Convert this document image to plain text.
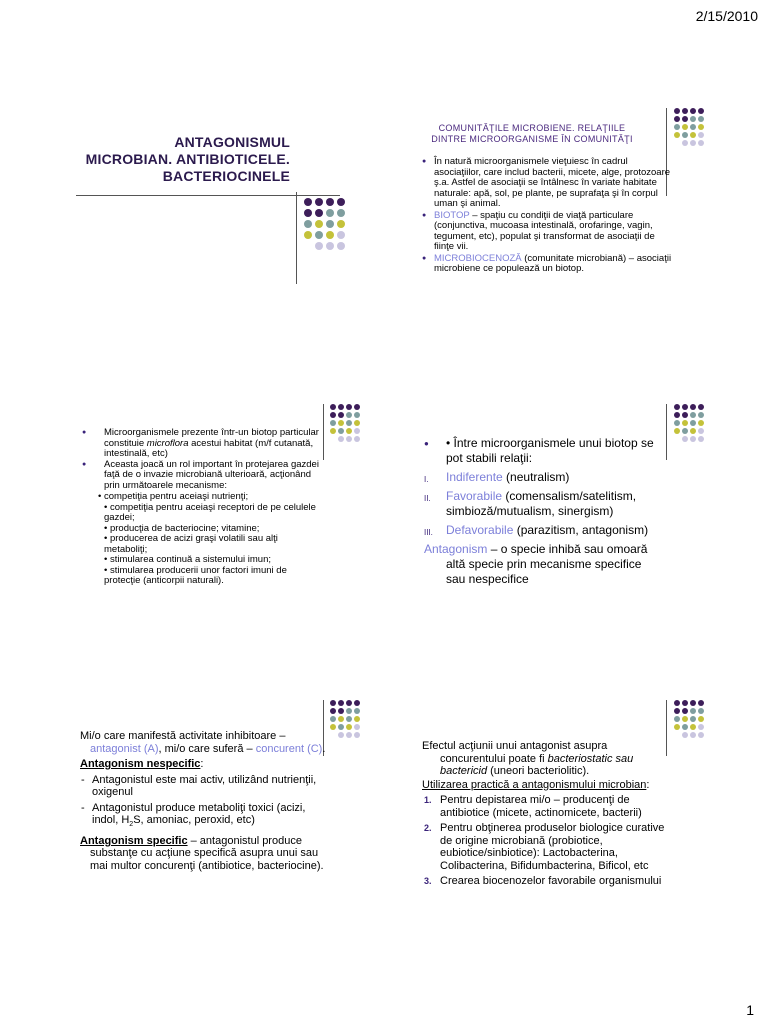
2/15/2010
1
ANTAGONISMUL
MICROBIAN. ANTIBIOTICELE.
BACTERIOCINELE
COMUNITĂŢILE MICROBIENE. RELAŢIILE
DINTRE MICROORGANISME ÎN COMUNITĂŢI
● În natură microorganismele vieţuiesc în cadrul asociaţiilor, care includ bacterii, micete, alge, protozoare ş.a. Astfel de asociaţii se întâlnesc în variate habitate naturale: apă, sol, pe plante, pe suprafaţa şi în corpul uman şi animal.
● BIOTOP – spaţiu cu condiţii de viaţă particulare (conjunctiva, mucoasa intestinală, orofaringe, vagin, tegument, etc), populat şi transformat de asociaţii de fiinţe vii.
● MICROBIOCENOZĂ (comunitate microbiană) – asociaţii microbiene ce populează un biotop.
● Microorganismele prezente într-un biotop particular constituie microflora acestui habitat (m/f cutanată, intestinală, etc)
● Aceasta joacă un rol important în protejarea gazdei faţă de o invazie microbiană ulterioară, acţionând prin următoarele mecanisme:
• competiţia pentru aceiaşi nutrienţi;
• competiţia pentru aceiaşi receptori de pe celulele gazdei;
• producţia de bacteriocine; vitamine;
• producerea de acizi graşi volatili sau alţi metaboliţi;
• stimularea continuă a sistemului imun;
• stimularea producerii unor factori imuni de protecţie (anticorpii naturali).
● • Între microorganismele unui biotop se pot stabili relaţii:
I. Indiferente (neutralism)
II. Favorabile (comensalism/satelitism, simbioză/mutualism, sinergism)
III. Defavorabile (parazitism, antagonism)
Antagonism – o specie inhibă sau omoară altă specie prin mecanisme specifice sau nespecifice
Mi/o care manifestă activitate inhibitoare – antagonist (A), mi/o care suferă – concurent (C).
Antagonism nespecific:
- Antagonistul este mai activ, utilizând nutrienţii, oxigenul
- Antagonistul produce metaboliţi toxici (acizi, indol, $H_2S$, amoniac, peroxid, etc)
Antagonism specific – antagonistul produce substanţe cu acţiune specifică asupra unui sau mai multor concurenţi (antibiotice, bacteriocine).
Efectul acţiunii unui antagonist asupra concurentului poate fi bacteriostatic sau bactericid (uneori bacteriolitic).
Utilizarea practică a antagonismului microbian:
1. Pentru depistarea mi/o – producenţi de antibiotice (micete, actinomicete, bacterii)
2. Pentru obţinerea produselor biologice curative de origine microbiană (probiotice, eubiotice/sinbiotice): Lactobacterina, Colibacterina, Bifidumbacterina, Bificol, etc
3. Crearea biocenozelor favorabile organismului
